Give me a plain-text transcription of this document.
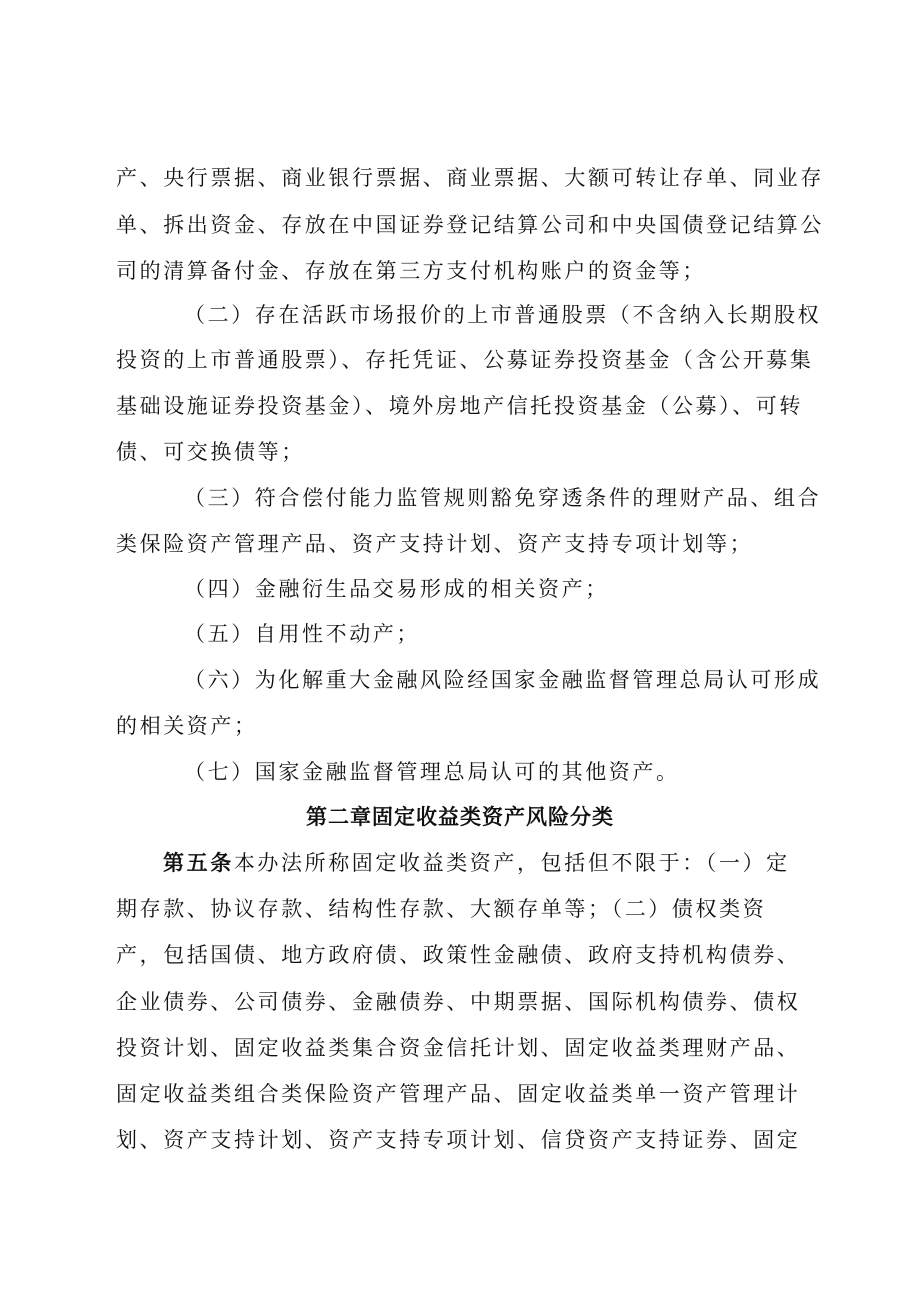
产、央行票据、商业银行票据、商业票据、大额可转让存单、同业存
单、拆出资金、存放在中国证券登记结算公司和中央国债登记结算公
司的清算备付金、存放在第三方支付机构账户的资金等；
（二）存在活跃市场报价的上市普通股票（不含纳入长期股权
投资的上市普通股票）、存托凭证、公募证券投资基金（含公开募集
基础设施证券投资基金）、境外房地产信托投资基金（公募）、可转
债、可交换债等；
（三）符合偿付能力监管规则豁免穿透条件的理财产品、组合
类保险资产管理产品、资产支持计划、资产支持专项计划等；
（四）金融衍生品交易形成的相关资产；
（五）自用性不动产；
（六）为化解重大金融风险经国家金融监督管理总局认可形成
的相关资产；
（七）国家金融监督管理总局认可的其他资产。
第二章固定收益类资产风险分类
第五条本办法所称固定收益类资产，包括但不限于：（一）定
期存款、协议存款、结构性存款、大额存单等；（二）债权类资
产，包括国债、地方政府债、政策性金融债、政府支持机构债券、
企业债券、公司债券、金融债券、中期票据、国际机构债券、债权
投资计划、固定收益类集合资金信托计划、固定收益类理财产品、
固定收益类组合类保险资产管理产品、固定收益类单一资产管理计
划、资产支持计划、资产支持专项计划、信贷资产支持证券、固定
